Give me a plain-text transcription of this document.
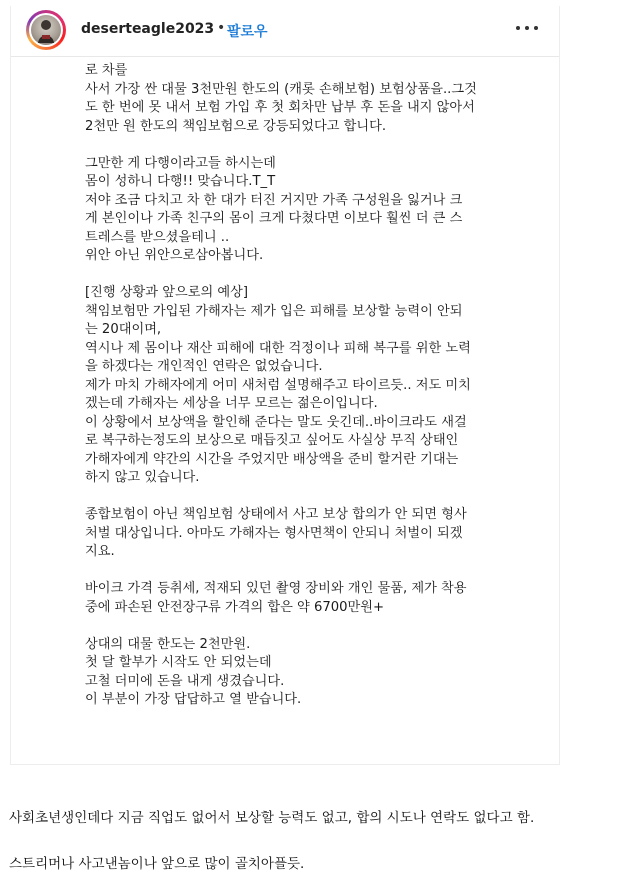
deserteagle2023 • 팔로우
로 차를
사서 가장 싼 대물 3천만원 한도의 (캐롯 손해보험) 보험상품을..그것
도 한 번에 못 내서 보험 가입 후 첫 회차만 납부 후 돈을 내지 않아서
2천만 원 한도의 책임보험으로 강등되었다고 합니다.

그만한 게 다행이라고들 하시는데
몸이 성하니 다행!! 맞습니다.T_T
저야 조금 다치고 차 한 대가 터진 거지만 가족 구성원을 잃거나 크
게 본인이나 가족 친구의 몸이 크게 다쳤다면 이보다 훨씬 더 큰 스
트레스를 받으셨을테니 ..
위안 아닌 위안으로삼아봅니다.

[진행 상황과 앞으로의 예상]
책임보험만 가입된 가해자는 제가 입은 피해를 보상할 능력이 안되
는 20대이며,
역시나 제 몸이나 재산 피해에 대한 걱정이나 피해 복구를 위한 노력
을 하겠다는 개인적인 연락은 없었습니다.
제가 마치 가해자에게 어미 새처럼 설명해주고 타이르듯.. 저도 미치
겠는데 가해자는 세상을 너무 모르는 젊은이입니다.
이 상황에서 보상액을 할인해 준다는 말도 웃긴데..바이크라도 새걸
로 복구하는정도의 보상으로 매듭짓고 싶어도 사실상 무직 상태인
가해자에게 약간의 시간을 주었지만 배상액을 준비 할거란 기대는
하지 않고 있습니다.

종합보험이 아닌 책임보험 상태에서 사고 보상 합의가 안 되면 형사
처벌 대상입니다. 아마도 가해자는 형사면책이 안되니 처벌이 되겠
지요.

바이크 가격 등취세, 적재되 있던 촬영 장비와 개인 물품, 제가 착용
중에 파손된 안전장구류 가격의 합은 약 6700만원+

상대의 대물 한도는 2천만원.
첫 달 할부가 시작도 안 되었는데
고철 더미에 돈을 내게 생겼습니다.
이 부분이 가장 답답하고 열 받습니다.
사회초년생인데다 지금 직업도 없어서 보상할 능력도 없고, 합의 시도나 연락도 없다고 함.
스트리머나 사고낸놈이나 앞으로 많이 골치아플듯.
